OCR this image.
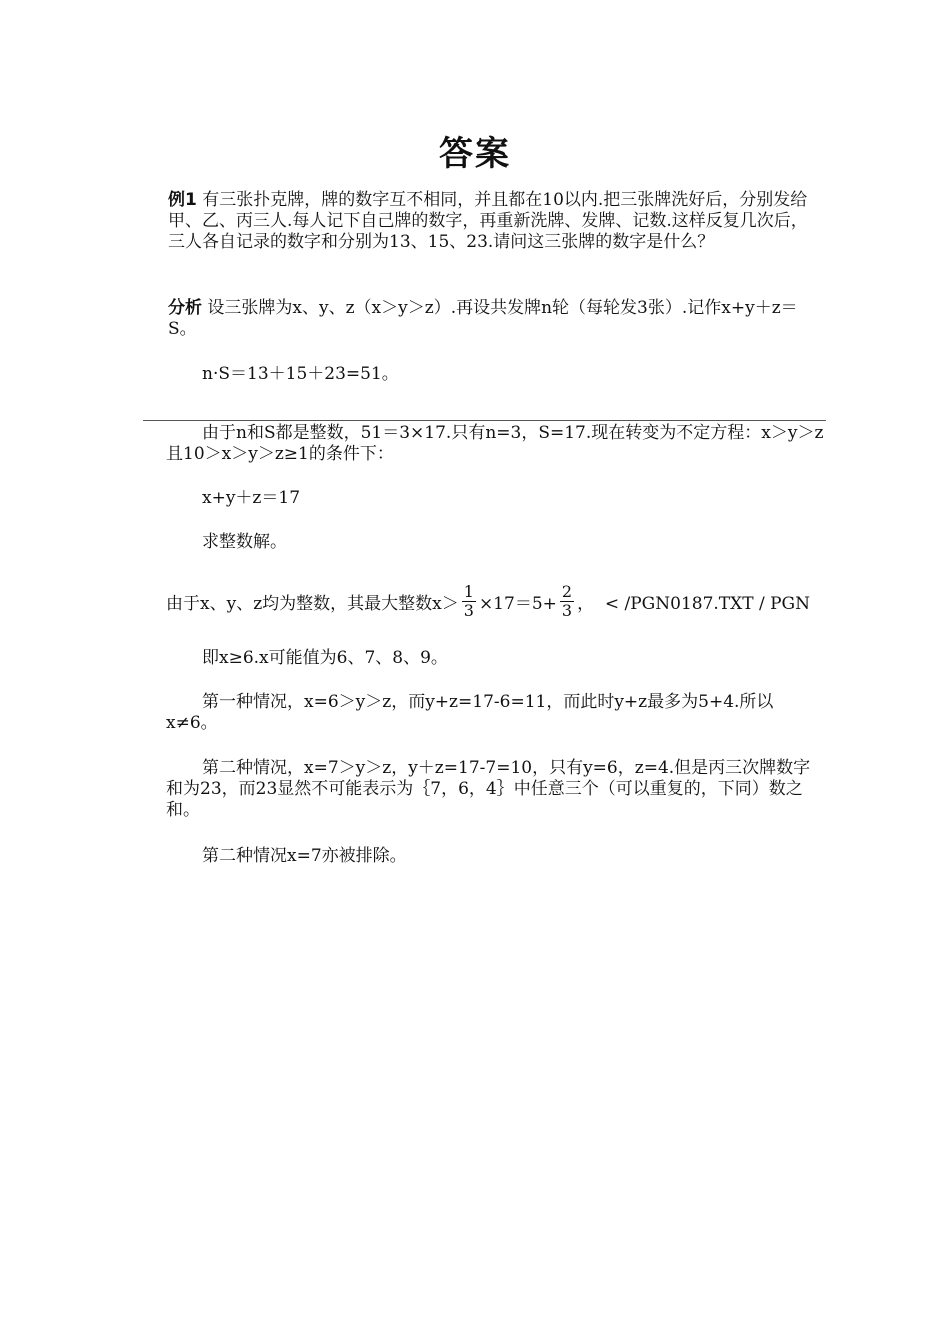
答案
例1 有三张扑克牌，牌的数字互不相同，并且都在10以内.把三张牌洗好后，分别发给甲、乙、丙三人.每人记下自己牌的数字，再重新洗牌、发牌、记数.这样反复几次后，三人各自记录的数字和分别为13、15、23.请问这三张牌的数字是什么？
分析 设三张牌为x、y、z（x＞y＞z）.再设共发牌n轮（每轮发3张）.记作x+y＋z＝S。
n·S＝13＋15＋23=51。
由于n和S都是整数，51＝3×17.只有n=3，S=17.现在转变为不定方程：x＞y＞z且10＞x＞y＞z≥1的条件下：
x+y＋z＝17
求整数解。
由于x、y、z均为整数，其最大整数$x> \frac{1}{3} \times 17=5+ \frac{2}{3}$ ，  < /PGN0187.TXT / PGN
即x≥6.x可能值为6、7、8、9。
第一种情况，x=6＞y＞z，而y+z=17-6=11，而此时y+z最多为5+4.所以x≠6。
第二种情况，x=7＞y＞z，y＋z=17-7=10，只有y=6，z=4.但是丙三次牌数字和为23，而23显然不可能表示为｛7，6，4｝中任意三个（可以重复的，下同）数之和。
第二种情况x=7亦被排除。
